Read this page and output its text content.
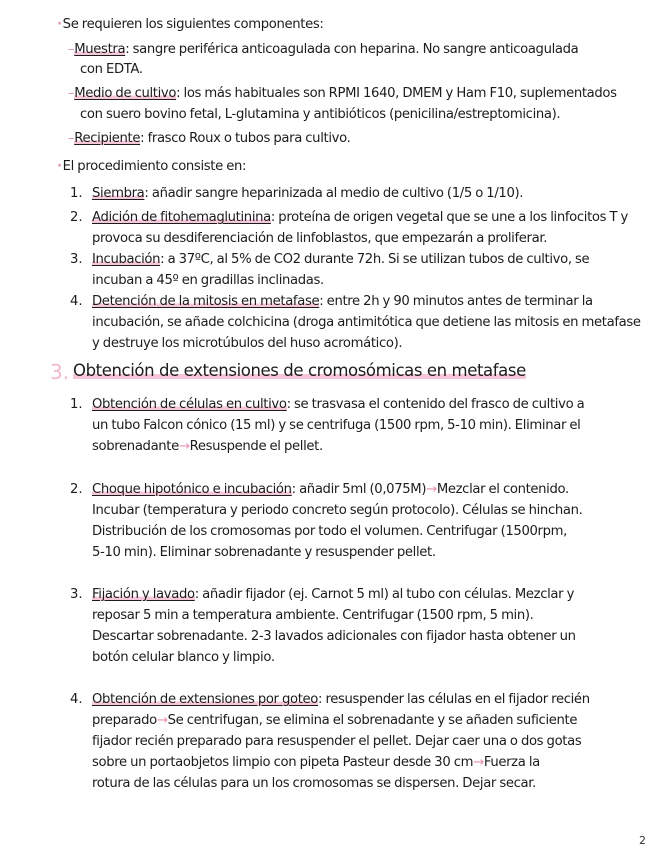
·Se requieren los siguientes componentes:
–Muestra: sangre periférica anticoagulada con heparina. No sangre anticoagulada
con EDTA.
–Medio de cultivo: los más habituales son RPMI 1640, DMEM y Ham F10, suplementados
con suero bovino fetal, L-glutamina y antibióticos (penicilina/estreptomicina).
–Recipiente: frasco Roux o tubos para cultivo.
·El procedimiento consiste en:
1. Siembra: añadir sangre heparinizada al medio de cultivo (1/5 o 1/10).
2. Adición de fitohemaglutinina: proteína de origen vegetal que se une a los linfocitos T y
provoca su desdiferenciación de linfoblastos, que empezarán a proliferar.
3. Incubación: a 37ºC, al 5% de CO2 durante 72h. Si se utilizan tubos de cultivo, se
incuban a 45º en gradillas inclinadas.
4. Detención de la mitosis en metafase: entre 2h y 90 minutos antes de terminar la
incubación, se añade colchicina (droga antimitótica que detiene las mitosis en metafase
y destruye los microtúbulos del huso acromático).
3. Obtención de extensiones de cromosómicas en metafase
1. Obtención de células en cultivo: se trasvasa el contenido del frasco de cultivo a
un tubo Falcon cónico (15 ml) y se centrifuga (1500 rpm, 5-10 min). Eliminar el
sobrenadante→Resuspende el pellet.
2. Choque hipotónico e incubación: añadir 5ml (0,075M)→Mezclar el contenido.
Incubar (temperatura y periodo concreto según protocolo). Células se hinchan.
Distribución de los cromosomas por todo el volumen. Centrifugar (1500rpm,
5-10 min). Eliminar sobrenadante y resuspender pellet.
3. Fijación y lavado: añadir fijador (ej. Carnot 5 ml) al tubo con células. Mezclar y
reposar 5 min a temperatura ambiente. Centrifugar (1500 rpm, 5 min).
Descartar sobrenadante. 2-3 lavados adicionales con fijador hasta obtener un
botón celular blanco y limpio.
4. Obtención de extensiones por goteo: resuspender las células en el fijador recién
preparado→Se centrifugan, se elimina el sobrenadante y se añaden suficiente
fijador recién preparado para resuspender el pellet. Dejar caer una o dos gotas
sobre un portaobjetos limpio con pipeta Pasteur desde 30 cm→Fuerza la
rotura de las células para un los cromosomas se dispersen. Dejar secar.
2
